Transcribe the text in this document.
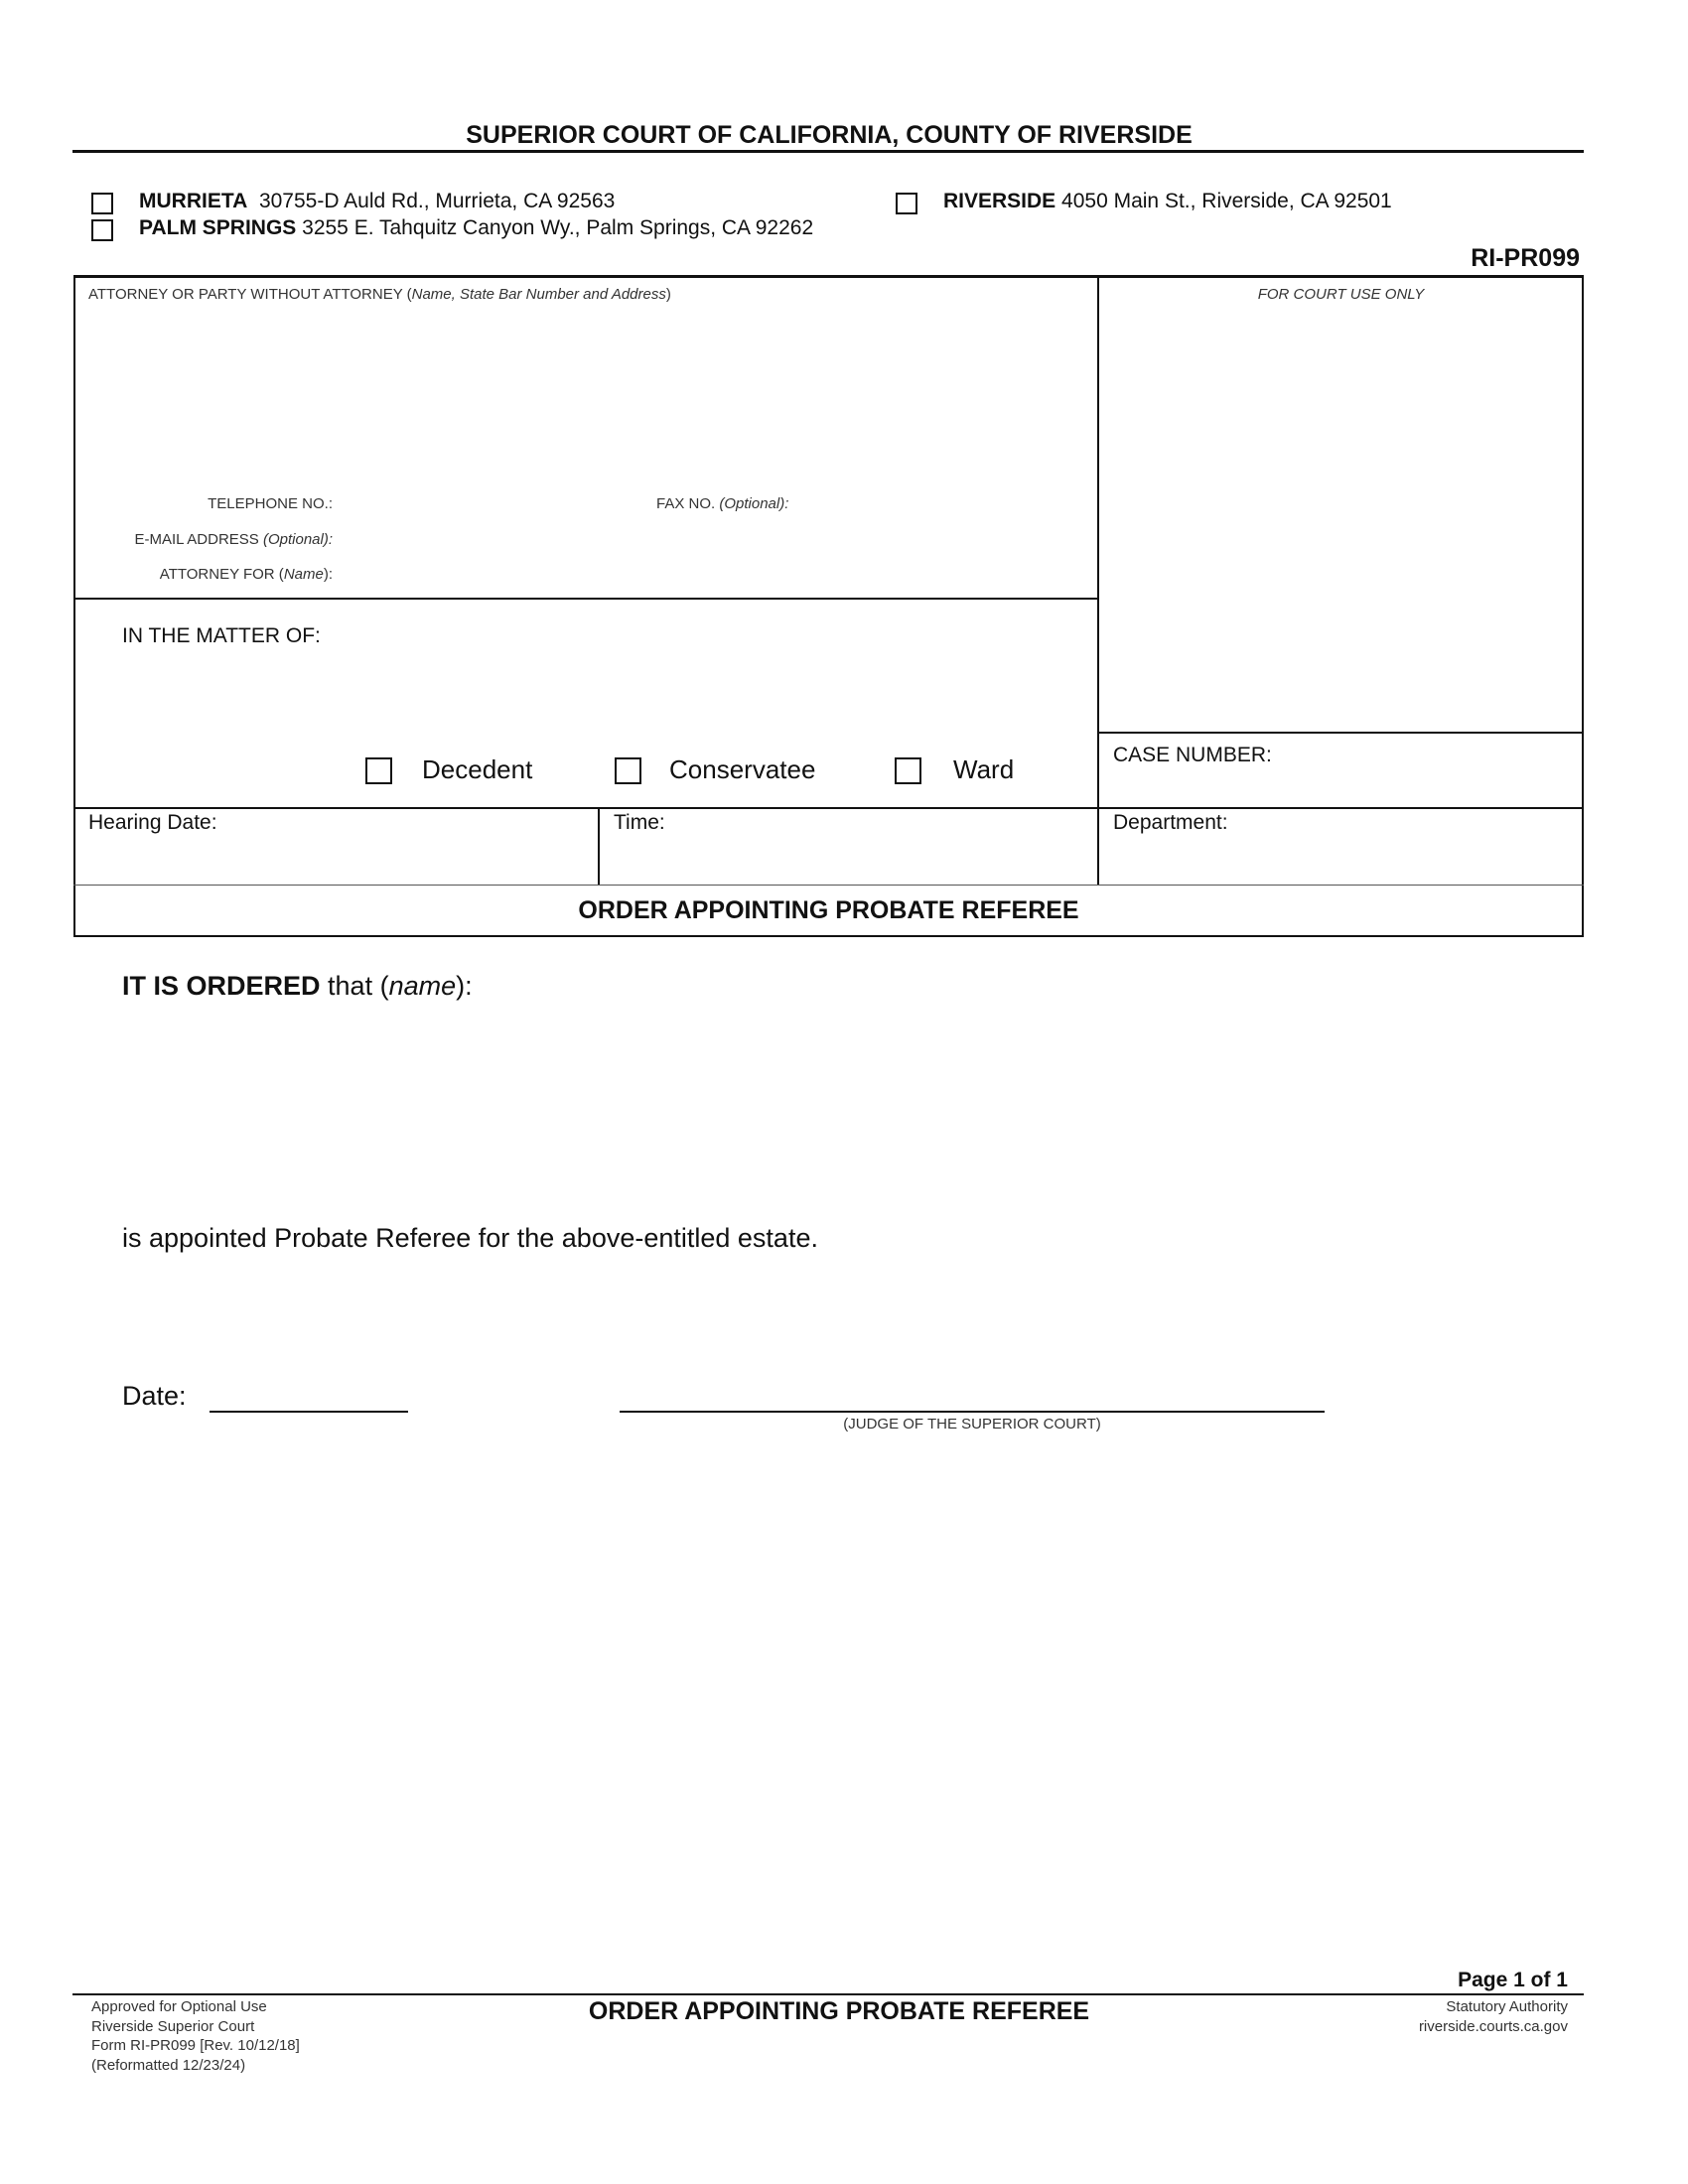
SUPERIOR COURT OF CALIFORNIA, COUNTY OF RIVERSIDE
MURRIETA 30755-D Auld Rd., Murrieta, CA 92563
PALM SPRINGS 3255 E. Tahquitz Canyon Wy., Palm Springs, CA 92262
RIVERSIDE 4050 Main St., Riverside, CA 92501
RI-PR099
ATTORNEY OR PARTY WITHOUT ATTORNEY (Name, State Bar Number and Address)	FOR COURT USE ONLY
TELEPHONE NO.:	FAX NO. (Optional):
E-MAIL ADDRESS (Optional):
ATTORNEY FOR (Name):
IN THE MATTER OF:
Decedent	Conservatee	Ward	CASE NUMBER:
Hearing Date:	Time:	Department:
ORDER APPOINTING PROBATE REFEREE
IT IS ORDERED that (name):
is appointed Probate Referee for the above-entitled estate.
Date:
(JUDGE OF THE SUPERIOR COURT)
Page 1 of 1
Approved for Optional Use
Riverside Superior Court
Form RI-PR099 [Rev. 10/12/18]
(Reformatted 12/23/24)
ORDER APPOINTING PROBATE REFEREE	Statutory Authority
riverside.courts.ca.gov
